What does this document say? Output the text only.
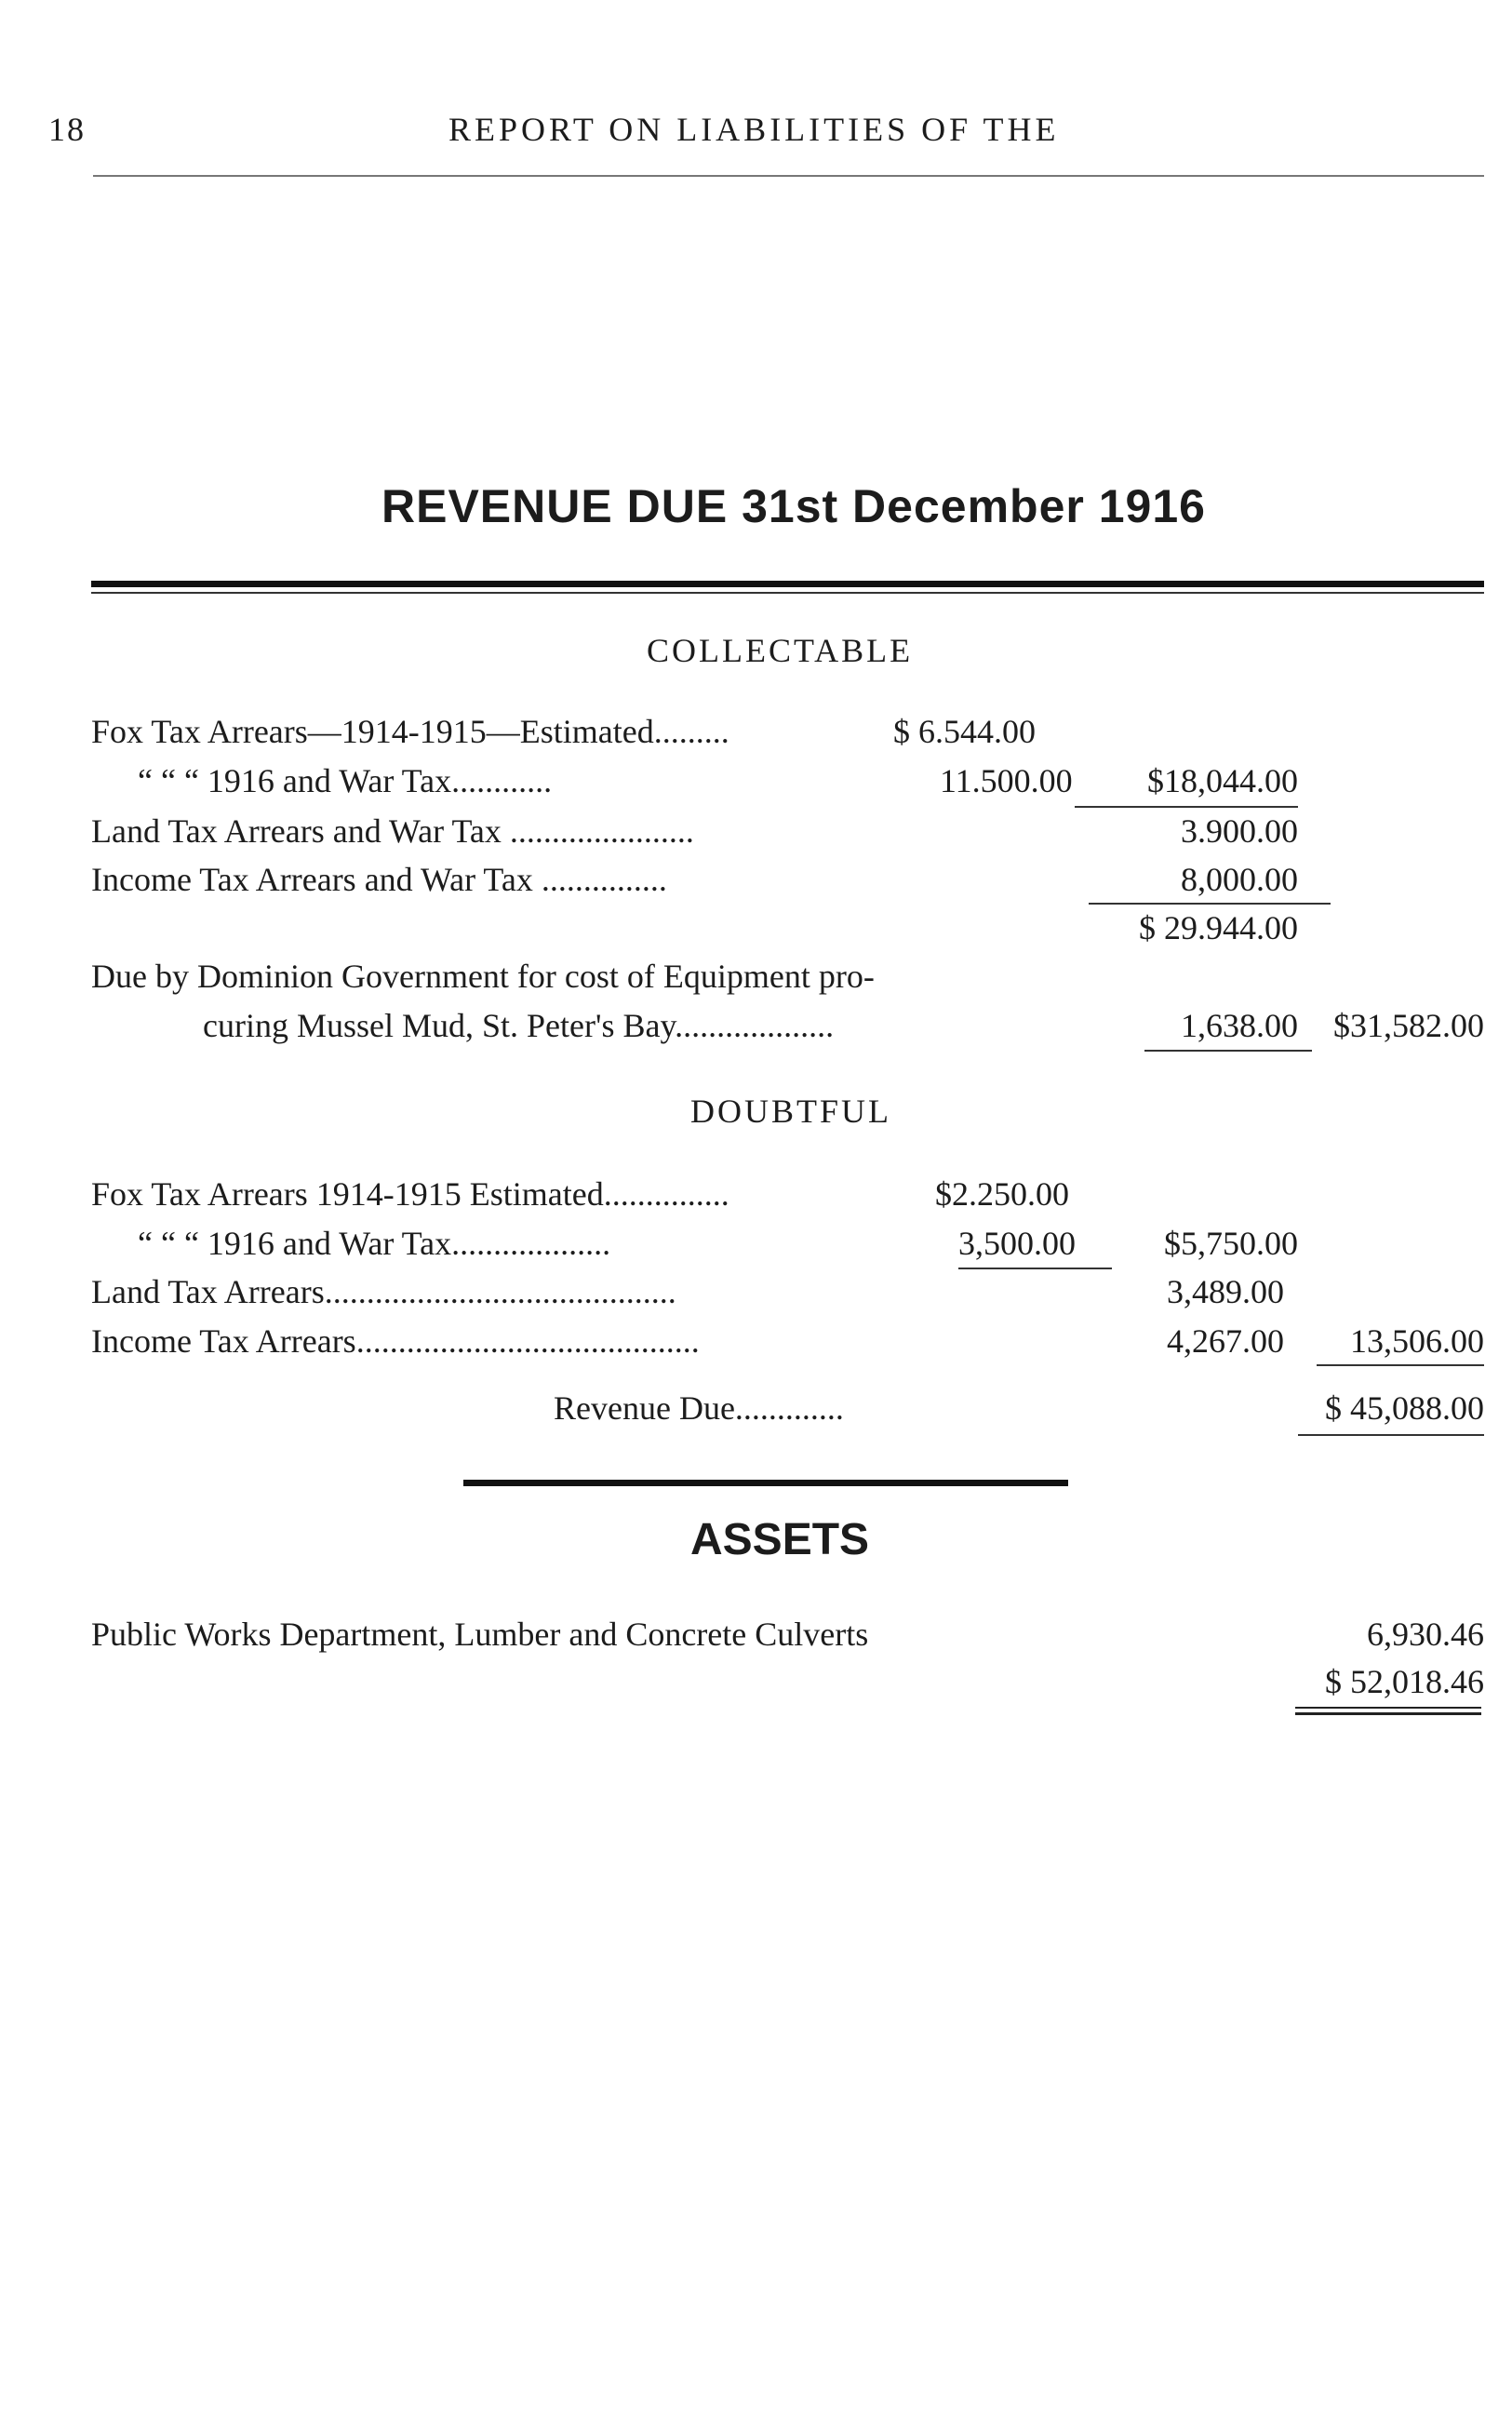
18	REPORT ON LIABILITIES OF THE
REVENUE DUE 31st December 1916
COLLECTABLE
Fox Tax Arrears—1914-1915—Estimated.........	$ 6.544.00
“ “ “ 1916 and War Tax............	11.500.00	$18,044.00
Land Tax Arrears and War Tax ......................	3.900.00
Income Tax Arrears and War Tax ...............	8,000.00
$ 29.944.00
Due by Dominion Government for cost of Equipment pro-
curing Mussel Mud, St. Peter's Bay...................	1,638.00	$31,582.00
DOUBTFUL
Fox Tax Arrears 1914-1915 Estimated...............	$2.250.00
“ “ “ 1916 and War Tax...................	3,500.00	$5,750.00
Land Tax Arrears..........................................	3,489.00
Income Tax Arrears.........................................	4,267.00	13,506.00
Revenue Due.............	$ 45,088.00
ASSETS
Public Works Department, Lumber and Concrete Culverts	6,930.46
$ 52,018.46
